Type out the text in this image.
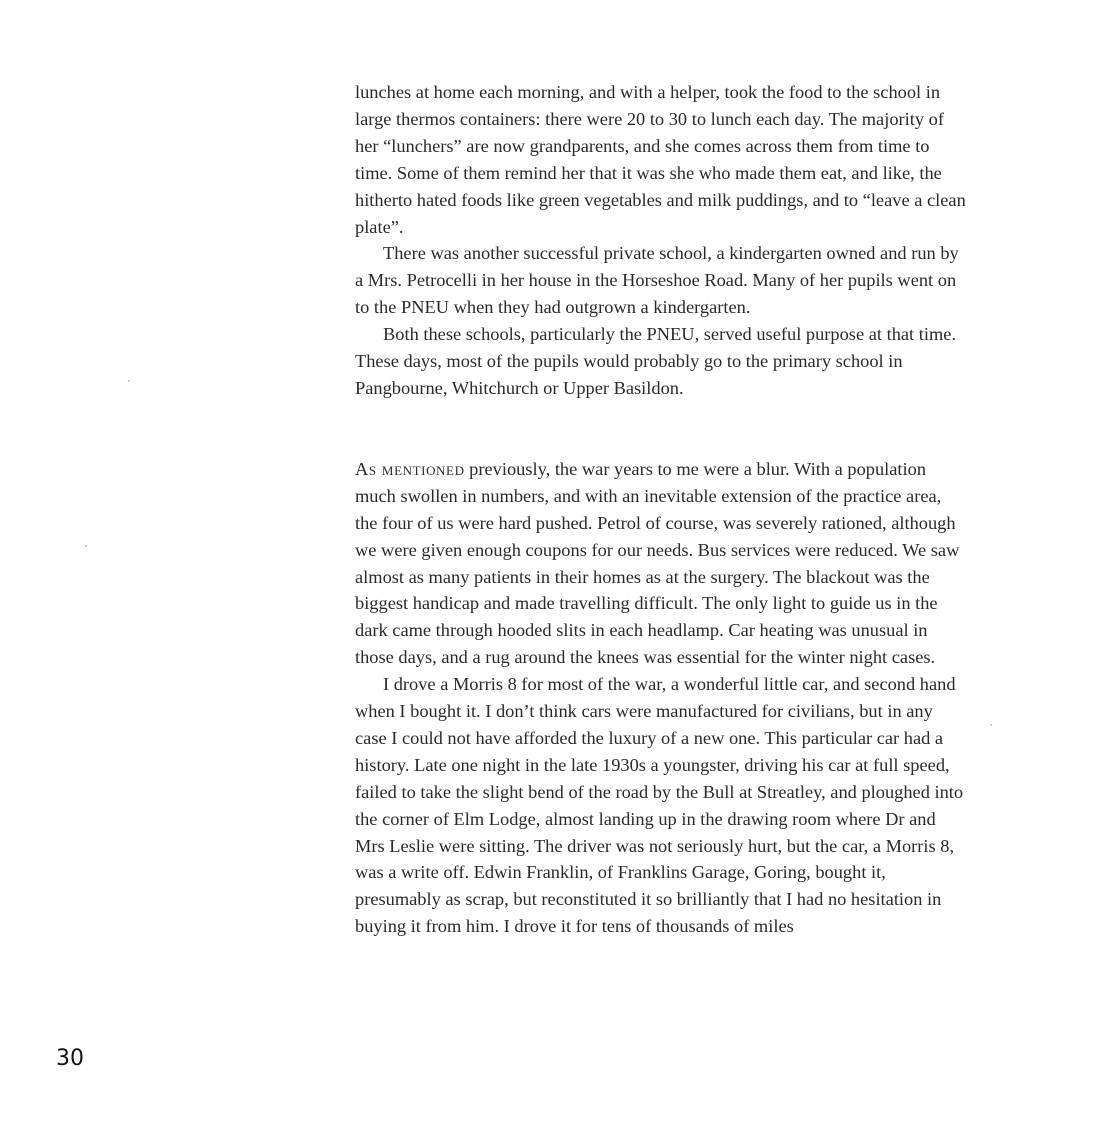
lunches at home each morning, and with a helper, took the food to the school in large thermos containers: there were 20 to 30 to lunch each day. The majority of her “lunchers” are now grandparents, and she comes across them from time to time. Some of them remind her that it was she who made them eat, and like, the hitherto hated foods like green vegetables and milk puddings, and to “leave a clean plate”.

There was another successful private school, a kindergarten owned and run by a Mrs. Petrocelli in her house in the Horseshoe Road. Many of her pupils went on to the PNEU when they had outgrown a kindergarten.

Both these schools, particularly the PNEU, served useful purpose at that time. These days, most of the pupils would probably go to the primary school in Pangbourne, Whitchurch or Upper Basildon.

As mentioned previously, the war years to me were a blur. With a population much swollen in numbers, and with an inevitable extension of the practice area, the four of us were hard pushed. Petrol of course, was severely rationed, although we were given enough coupons for our needs. Bus services were reduced. We saw almost as many patients in their homes as at the surgery. The blackout was the biggest handicap and made travelling difficult. The only light to guide us in the dark came through hooded slits in each headlamp. Car heating was unusual in those days, and a rug around the knees was essential for the winter night cases.

I drove a Morris 8 for most of the war, a wonderful little car, and second hand when I bought it. I don’t think cars were manufactured for civilians, but in any case I could not have afforded the luxury of a new one. This particular car had a history. Late one night in the late 1930s a youngster, driving his car at full speed, failed to take the slight bend of the road by the Bull at Streatley, and ploughed into the corner of Elm Lodge, almost landing up in the drawing room where Dr and Mrs Leslie were sitting. The driver was not seriously hurt, but the car, a Morris 8, was a write off. Edwin Franklin, of Franklins Garage, Goring, bought it, presumably as scrap, but reconstituted it so brilliantly that I had no hesitation in buying it from him. I drove it for tens of thousands of miles

30
